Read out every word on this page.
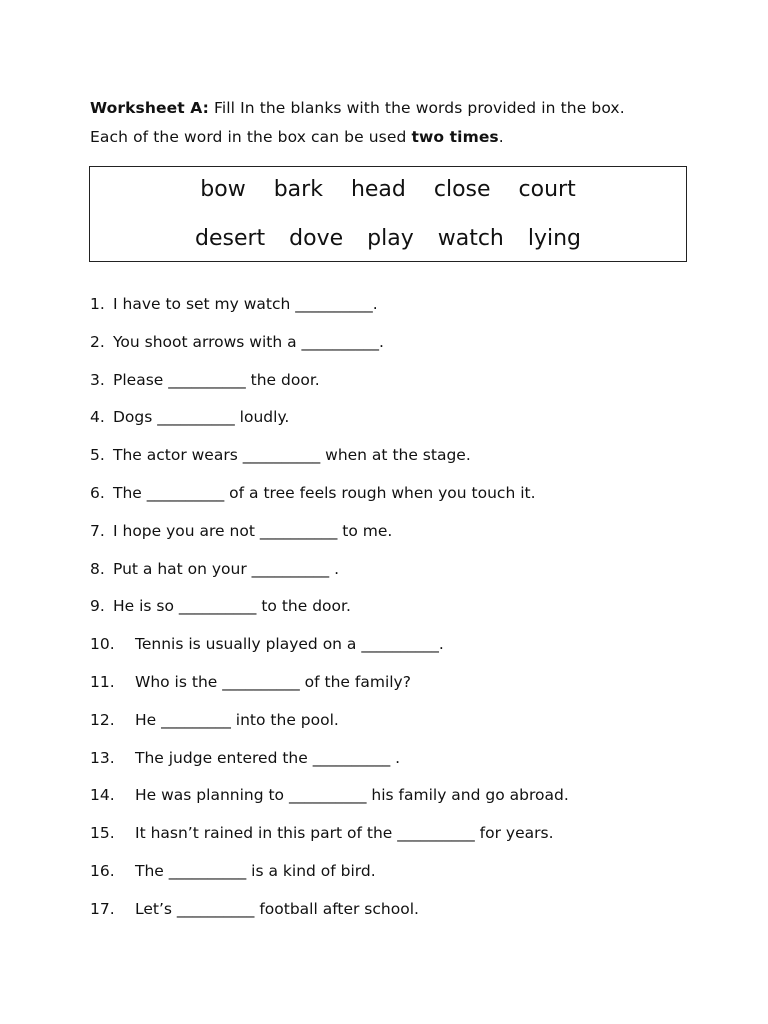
Worksheet A: Fill In the blanks with the words provided in the box.
Each of the word in the box can be used two times.
bow bark head close court
desert dove play watch lying
1. I have to set my watch __________.
2. You shoot arrows with a __________.
3. Please __________ the door.
4. Dogs __________ loudly.
5. The actor wears __________ when at the stage.
6. The __________ of a tree feels rough when you touch it.
7. I hope you are not __________ to me.
8. Put a hat on your __________ .
9. He is so __________ to the door.
10.	Tennis is usually played on a __________.
11.	Who is the __________ of the family?
12.	He _________ into the pool.
13.	The judge entered the __________ .
14.	He was planning to __________ his family and go abroad.
15.	It hasn’t rained in this part of the __________ for years.
16.	The __________ is a kind of bird.
17.	Let’s __________ football after school.
